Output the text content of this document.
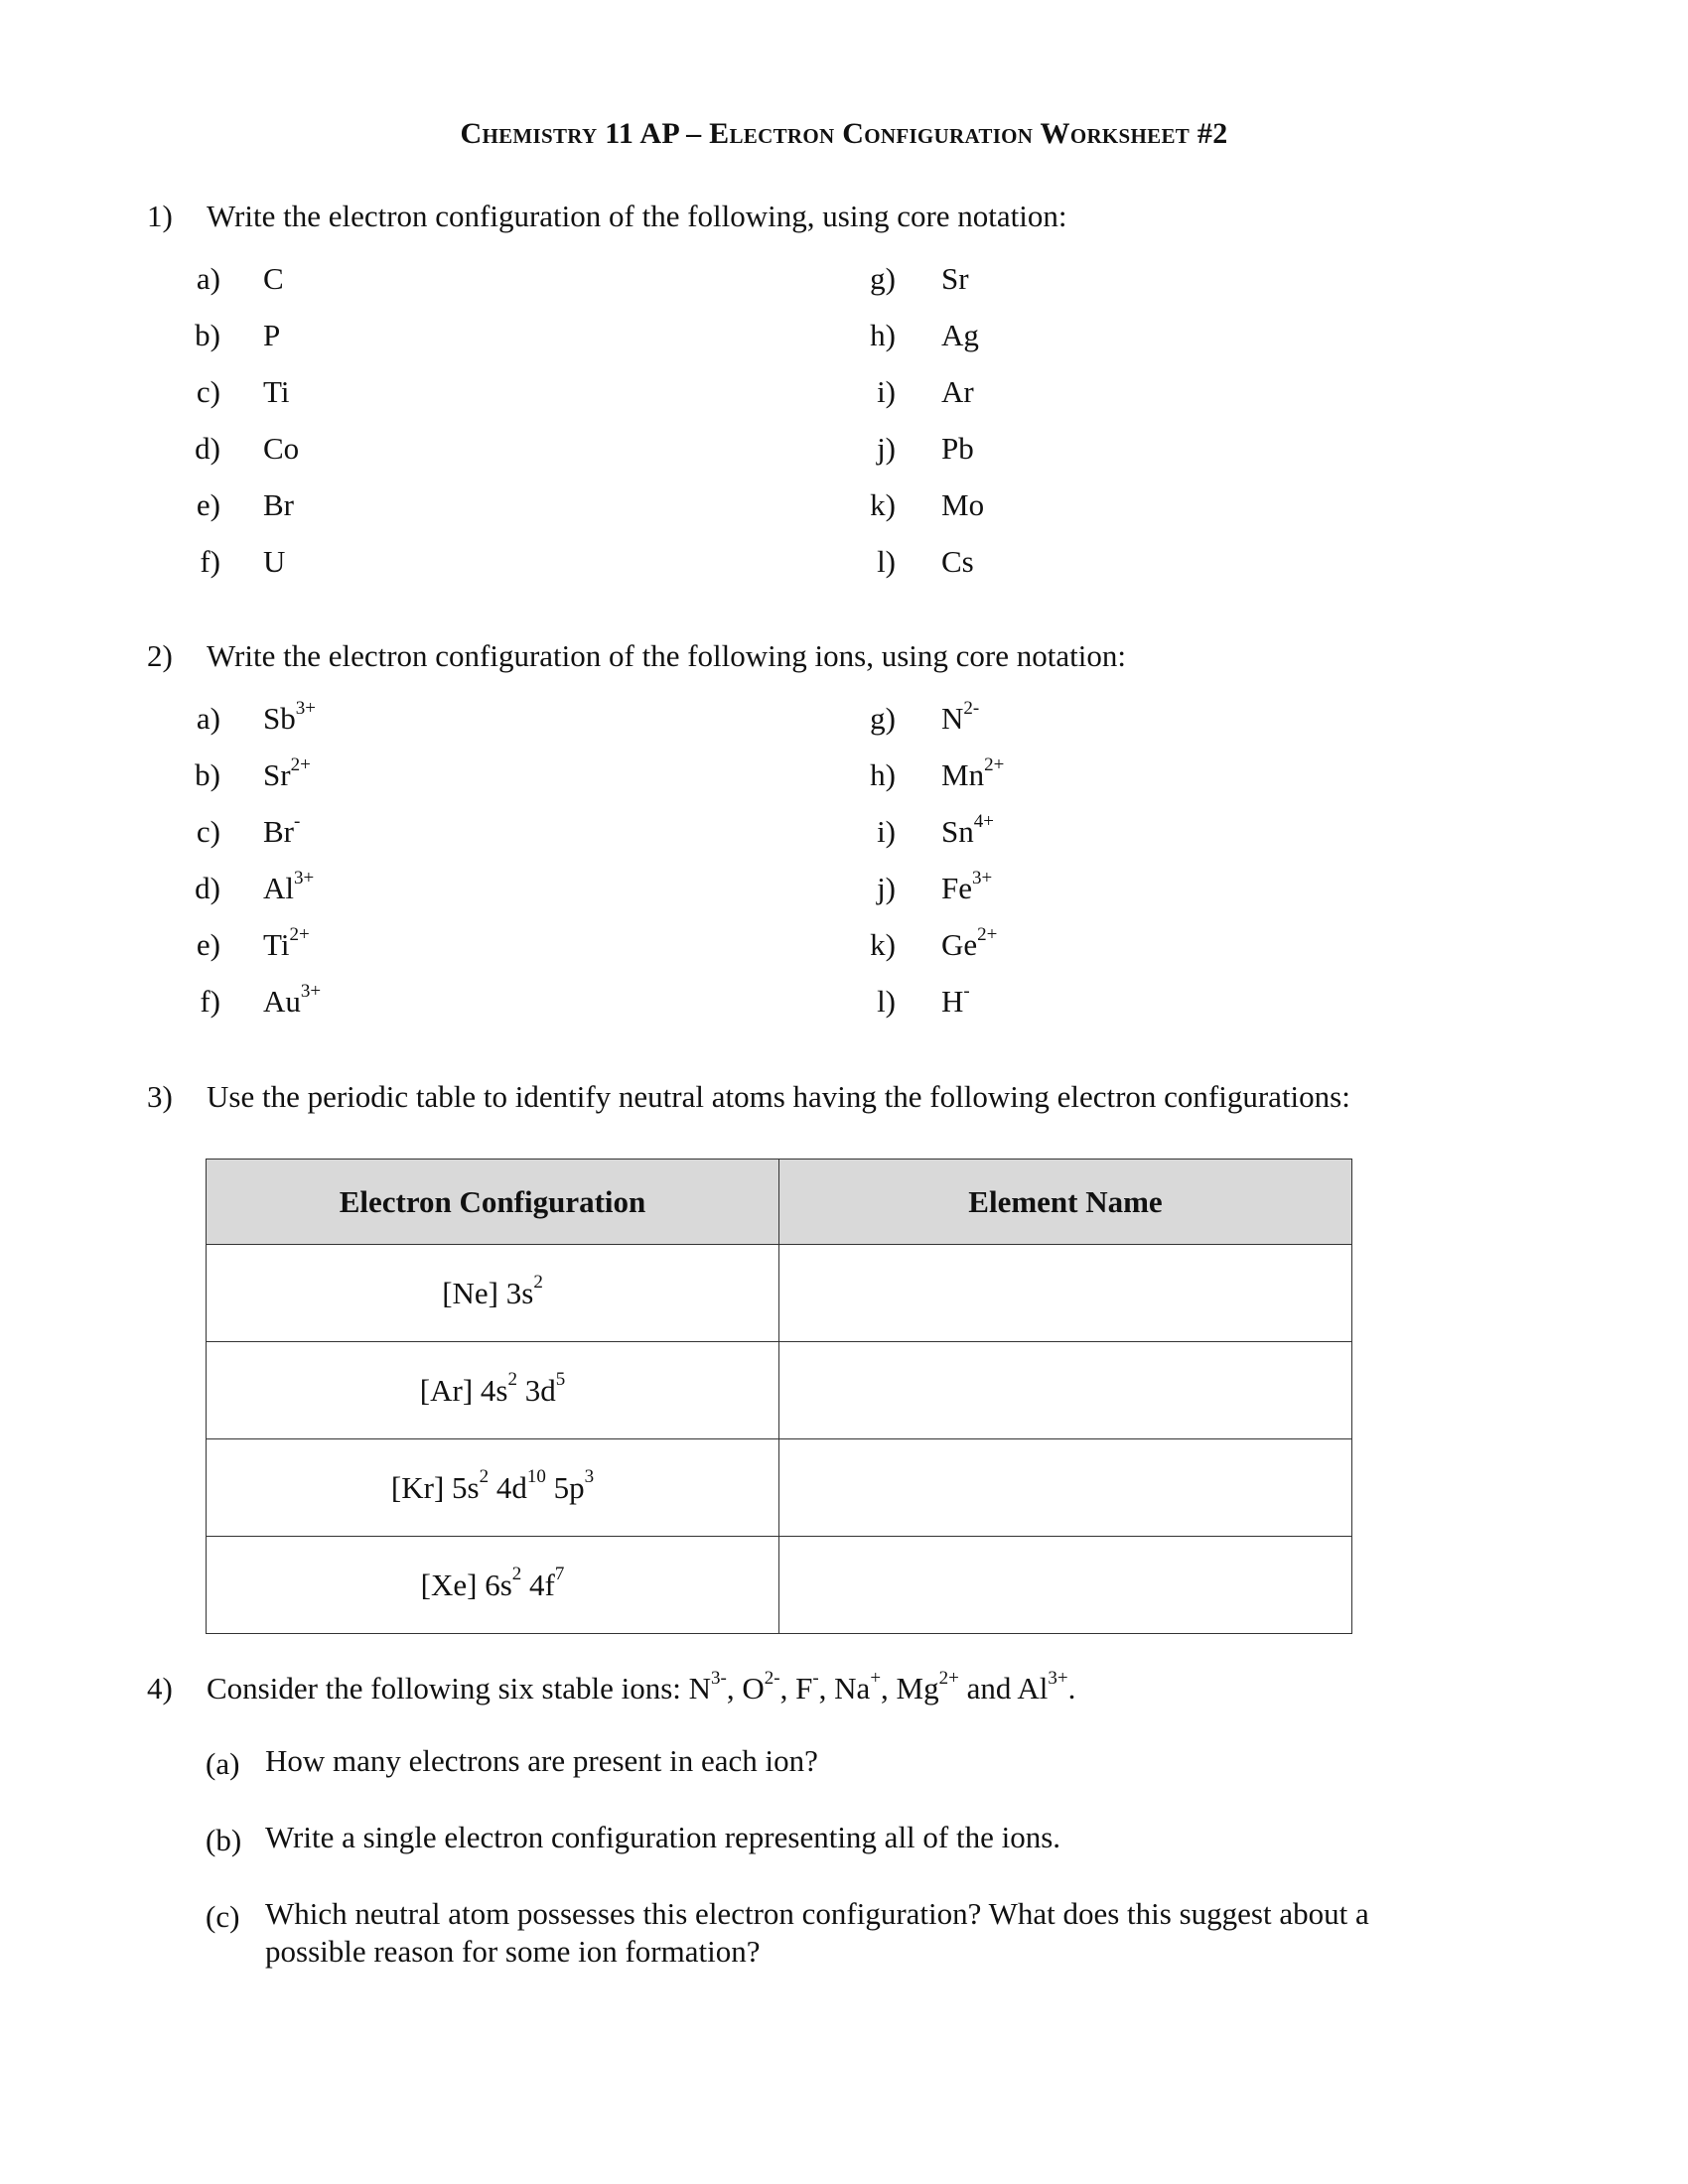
Chemistry 11 AP – Electron Configuration Worksheet #2
1) Write the electron configuration of the following, using core notation:
a) C
b) P
c) Ti
d) Co
e) Br
f) U
g) Sr
h) Ag
i) Ar
j) Pb
k) Mo
l) Cs
2) Write the electron configuration of the following ions, using core notation:
a) $Sb^{3+}$
b) $Sr^{2+}$
c) Br-
d) $Al^{3+}$
e) $Ti^{2+}$
f) $Au^{3+}$
g) $N^{2-}$
h) $Mn^{2+}$
i) $Sn^{4+}$
j) $Fe^{3+}$
k) $Ge^{2+}$
l) H-
3) Use the periodic table to identify neutral atoms having the following electron configurations:
Electron Configuration	Element Name
[Ne] $3s^2$	
[Ar] $4s^2$ $3d^5$	
[Kr] $5s^2$ $4d^{10}$ $5p^3$	
[Xe] $6s^2$ $4f^7$	
4) Consider the following six stable ions: $N^{3-}$, $O^{2-}$, F-, Na+, $Mg^{2+}$ and $Al^{3+}$.
(a) How many electrons are present in each ion?
(b) Write a single electron configuration representing all of the ions.
(c) Which neutral atom possesses this electron configuration? What does this suggest about a possible reason for some ion formation?
